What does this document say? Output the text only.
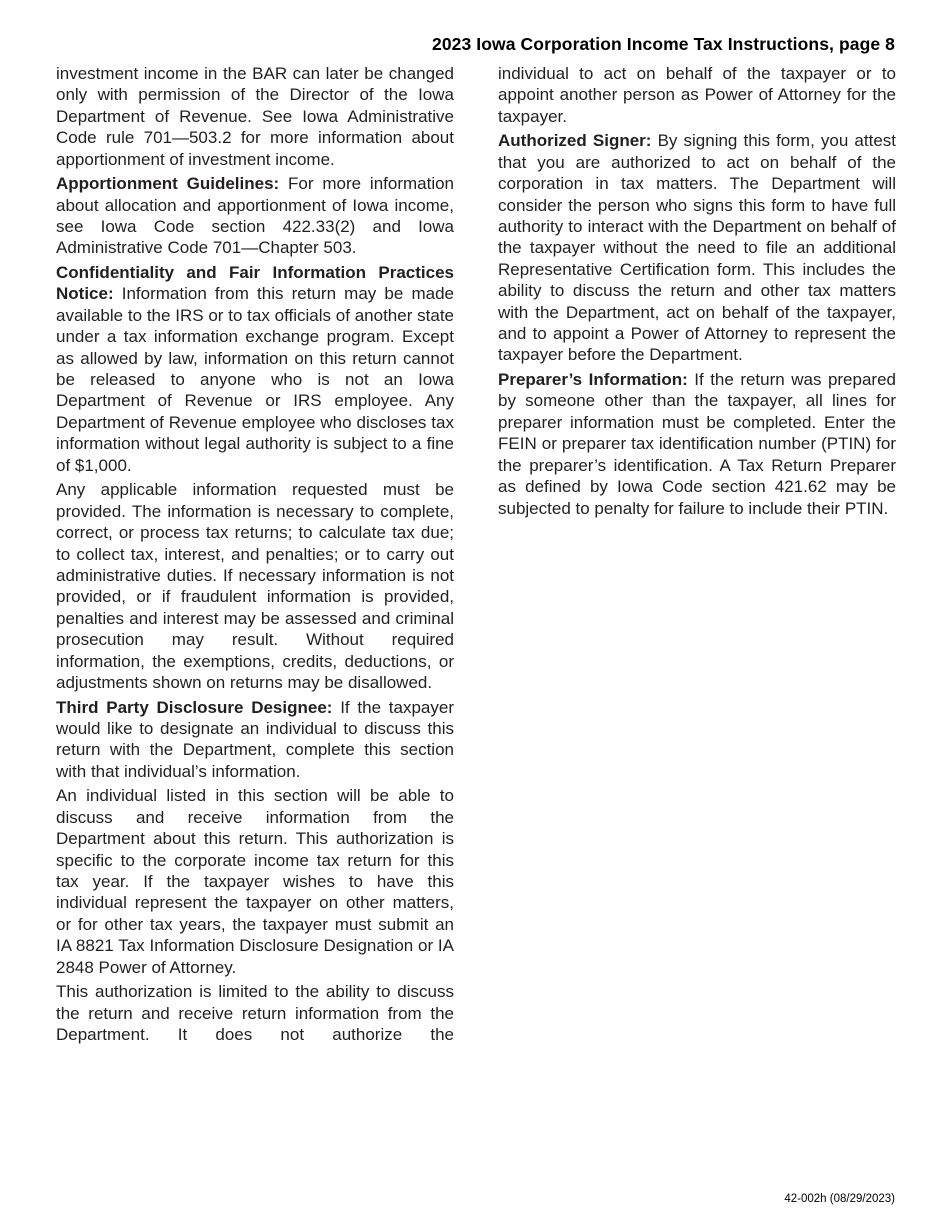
2023 Iowa Corporation Income Tax Instructions, page 8

investment income in the BAR can later be changed only with permission of the Director of the Iowa Department of Revenue. See Iowa Administrative Code rule 701—503.2 for more information about apportionment of investment income.

Apportionment Guidelines: For more information about allocation and apportionment of Iowa income, see Iowa Code section 422.33(2) and Iowa Administrative Code 701—Chapter 503.

Confidentiality and Fair Information Practices Notice: Information from this return may be made available to the IRS or to tax officials of another state under a tax information exchange program. Except as allowed by law, information on this return cannot be released to anyone who is not an Iowa Department of Revenue or IRS employee. Any Department of Revenue employee who discloses tax information without legal authority is subject to a fine of $1,000.

Any applicable information requested must be provided. The information is necessary to complete, correct, or process tax returns; to calculate tax due; to collect tax, interest, and penalties; or to carry out administrative duties. If necessary information is not provided, or if fraudulent information is provided, penalties and interest may be assessed and criminal prosecution may result. Without required information, the exemptions, credits, deductions, or adjustments shown on returns may be disallowed.

Third Party Disclosure Designee: If the taxpayer would like to designate an individual to discuss this return with the Department, complete this section with that individual’s information.

An individual listed in this section will be able to discuss and receive information from the Department about this return. This authorization is specific to the corporate income tax return for this tax year. If the taxpayer wishes to have this individual represent the taxpayer on other matters, or for other tax years, the taxpayer must submit an IA 8821 Tax Information Disclosure Designation or IA 2848 Power of Attorney.

This authorization is limited to the ability to discuss the return and receive return information from the Department. It does not authorize the

individual to act on behalf of the taxpayer or to appoint another person as Power of Attorney for the taxpayer.

Authorized Signer: By signing this form, you attest that you are authorized to act on behalf of the corporation in tax matters. The Department will consider the person who signs this form to have full authority to interact with the Department on behalf of the taxpayer without the need to file an additional Representative Certification form. This includes the ability to discuss the return and other tax matters with the Department, act on behalf of the taxpayer, and to appoint a Power of Attorney to represent the taxpayer before the Department.

Preparer’s Information: If the return was prepared by someone other than the taxpayer, all lines for preparer information must be completed. Enter the FEIN or preparer tax identification number (PTIN) for the preparer’s identification. A Tax Return Preparer as defined by Iowa Code section 421.62 may be subjected to penalty for failure to include their PTIN.

42-002h (08/29/2023)
